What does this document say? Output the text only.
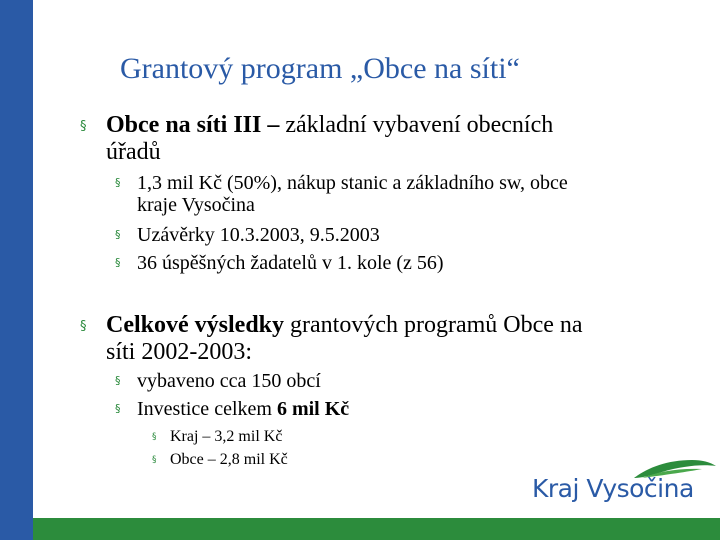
Grantový program „Obce na síti“
§ Obce na síti III – základní vybavení obecních
úřadů
§ 1,3 mil Kč (50%), nákup stanic a základního sw, obce
kraje Vysočina
§ Uzávěrky 10.3.2003, 9.5.2003
§ 36 úspěšných žadatelů v 1. kole (z 56)
§ Celkové výsledky grantových programů Obce na
síti 2002-2003:
§ vybaveno cca 150 obcí
§ Investice celkem 6 mil Kč
§ Kraj – 3,2 mil Kč
§ Obce – 2,8 mil Kč
Kraj Vysočina
